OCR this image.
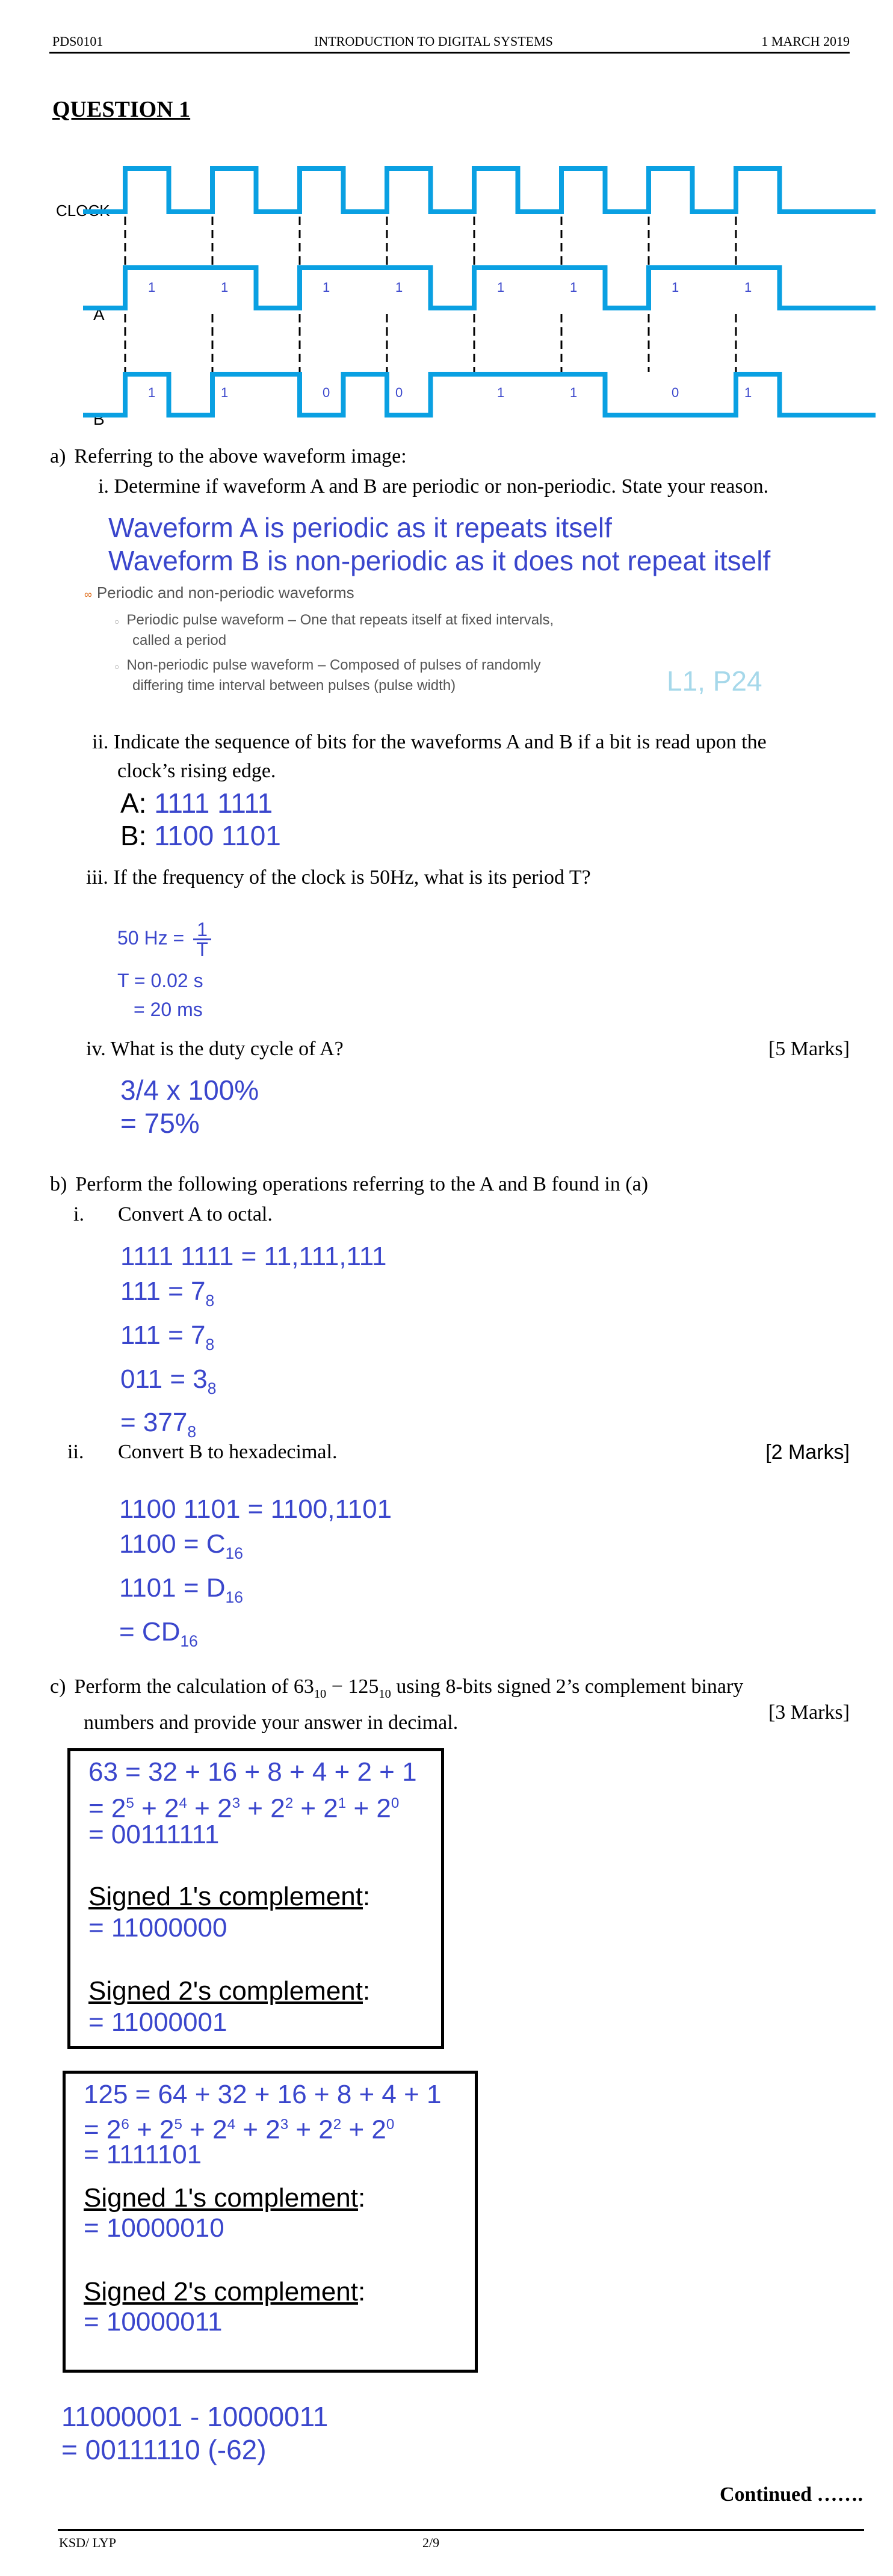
PDS0101	INTRODUCTION TO DIGITAL SYSTEMS	1 MARCH 2019
QUESTION 1
CLOCK
A
B
1	1	1	1	1	1	1	1
1	1	0	0	1	1	0	1
a) Referring to the above waveform image:
i. Determine if waveform A and B are periodic or non-periodic. State your reason.
Waveform A is periodic as it repeats itself
Waveform B is non-periodic as it does not repeat itself
∞ Periodic and non-periodic waveforms
○ Periodic pulse waveform – One that repeats itself at fixed intervals,
called a period
○ Non-periodic pulse waveform – Composed of pulses of randomly
differing time interval between pulses (pulse width)	L1, P24
ii. Indicate the sequence of bits for the waveforms A and B if a bit is read upon the
clock’s rising edge.
A: 1111 1111
B: 1100 1101
iii. If the frequency of the clock is 50Hz, what is its period T?
50 $Hz = \frac{1}{T}$
T = 0.02 s
= 20 ms
iv. What is the duty cycle of A?	[5 Marks]
3/4 x 100%
= 75%
b) Perform the following operations referring to the A and B found in (a)
i. Convert A to octal.
1111 1111 = 11,111,111
$111 = 7_8$
$111 = 7_8$
$011 = 3_8$
= $377_8$
ii. Convert B to hexadecimal.	[2 Marks]
1100 1101 = 1100,1101
$1100 = C_{16}$
$1101 = D_{16}$
= $CD_{16}$
c) Perform the calculation of $63_{10} - 125_{10}$ using 8-bits signed 2’s complement binary
numbers and provide your answer in decimal.	[3 Marks]
63 = 32 + 16 + 8 + 4 + 2 + 1
= $2^5 + 2^4 + 2^3 + 2^2 + 2^1 + 2^0$
= 00111111
Signed 1's complement:
= 11000000
Signed 2's complement:
= 11000001
125 = 64 + 32 + 16 + 8 + 4 + 1
= $2^6 + 2^5 + 2^4 + 2^3 + 2^2 + 2^0$
= 1111101
Signed 1's complement:
= 10000010
Signed 2's complement:
= 10000011
11000001 - 10000011
= 00111110 (-62)
Continued …….
KSD/ LYP	2/9
